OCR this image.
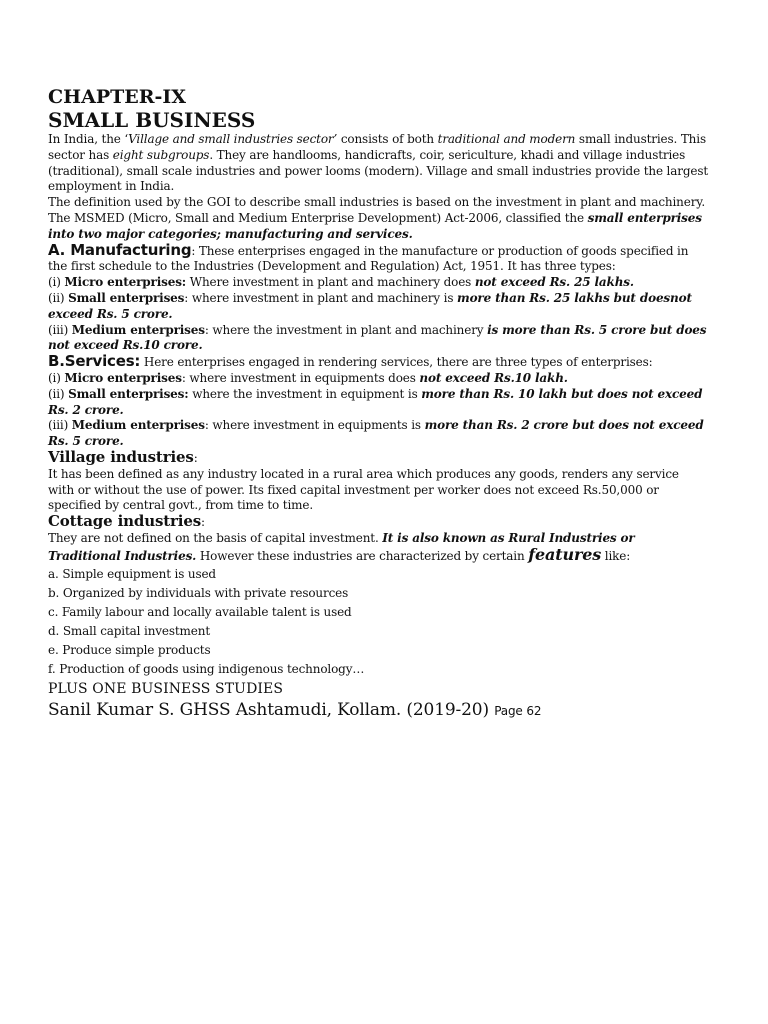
CHAPTER-IX
SMALL BUSINESS

In India, the ‘Village and small industries sector’ consists of both traditional and modern small industries. This sector has eight subgroups. They are handlooms, handicrafts, coir, sericulture, khadi and village industries (traditional), small scale industries and power looms (modern). Village and small industries provide the largest employment in India.

The definition used by the GOI to describe small industries is based on the investment in plant and machinery. The MSMED (Micro, Small and Medium Enterprise Development) Act-2006, classified the small enterprises into two major categories; manufacturing and services.

A. Manufacturing: These enterprises engaged in the manufacture or production of goods specified in the first schedule to the Industries (Development and Regulation) Act, 1951. It has three types:

(i) Micro enterprises: Where investment in plant and machinery does not exceed Rs. 25 lakhs.

(ii) Small enterprises: where investment in plant and machinery is more than Rs. 25 lakhs but doesnot exceed Rs. 5 crore.

(iii) Medium enterprises: where the investment in plant and machinery is more than Rs. 5 crore but does not exceed Rs.10 crore.

B.Services: Here enterprises engaged in rendering services, there are three types of enterprises:

(i) Micro enterprises: where investment in equipments does not exceed Rs.10 lakh.

(ii) Small enterprises: where the investment in equipment is more than Rs. 10 lakh but does not exceed Rs. 2 crore.

(iii) Medium enterprises: where investment in equipments is more than Rs. 2 crore but does not exceed Rs. 5 crore.

Village industries:

It has been defined as any industry located in a rural area which produces any goods, renders any service with or without the use of power. Its fixed capital investment per worker does not exceed Rs.50,000 or specified by central govt., from time to time.

Cottage industries:

They are not defined on the basis of capital investment. It is also known as Rural Industries or Traditional Industries. However these industries are characterized by certain features like:

a. Simple equipment is used

b. Organized by individuals with private resources

c. Family labour and locally available talent is used

d. Small capital investment

e. Produce simple products

f. Production of goods using indigenous technology…

PLUS ONE BUSINESS STUDIES

Sanil Kumar S. GHSS Ashtamudi, Kollam. (2019-20) Page 62
